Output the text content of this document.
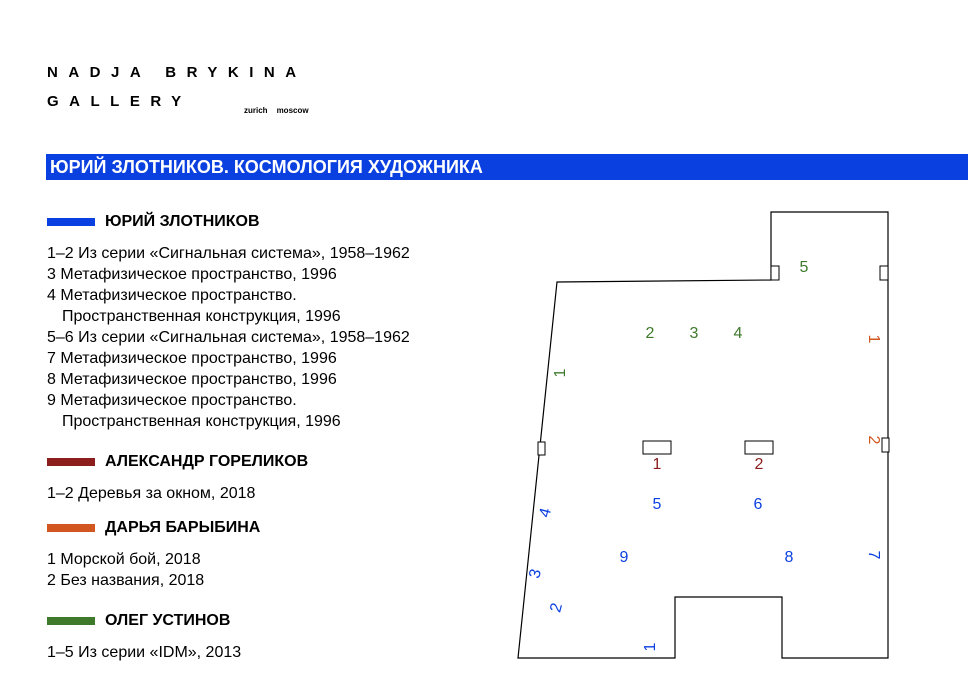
NADJA BRYKINA
GALLERY
zurich moscow
ЮРИЙ ЗЛОТНИКОВ. КОСМОЛОГИЯ ХУДОЖНИКА
ЮРИЙ ЗЛОТНИКОВ
1–2 Из серии «Сигнальная система», 1958–1962
3 Метафизическое пространство, 1996
4 Метафизическое пространство.
Пространственная конструкция, 1996
5–6 Из серии «Сигнальная система», 1958–1962
7 Метафизическое пространство, 1996
8 Метафизическое пространство, 1996
9 Метафизическое пространство.
Пространственная конструкция, 1996
АЛЕКСАНДР ГОРЕЛИКОВ
1–2 Деревья за окном, 2018
ДАРЬЯ БАРЫБИНА
1 Морской бой, 2018
2 Без названия, 2018
ОЛЕГ УСТИНОВ
1–5 Из серии «IDM», 2013
1
2 3 4
5
1
2
1	2
1
2
3
4	5	6
7
8
9
